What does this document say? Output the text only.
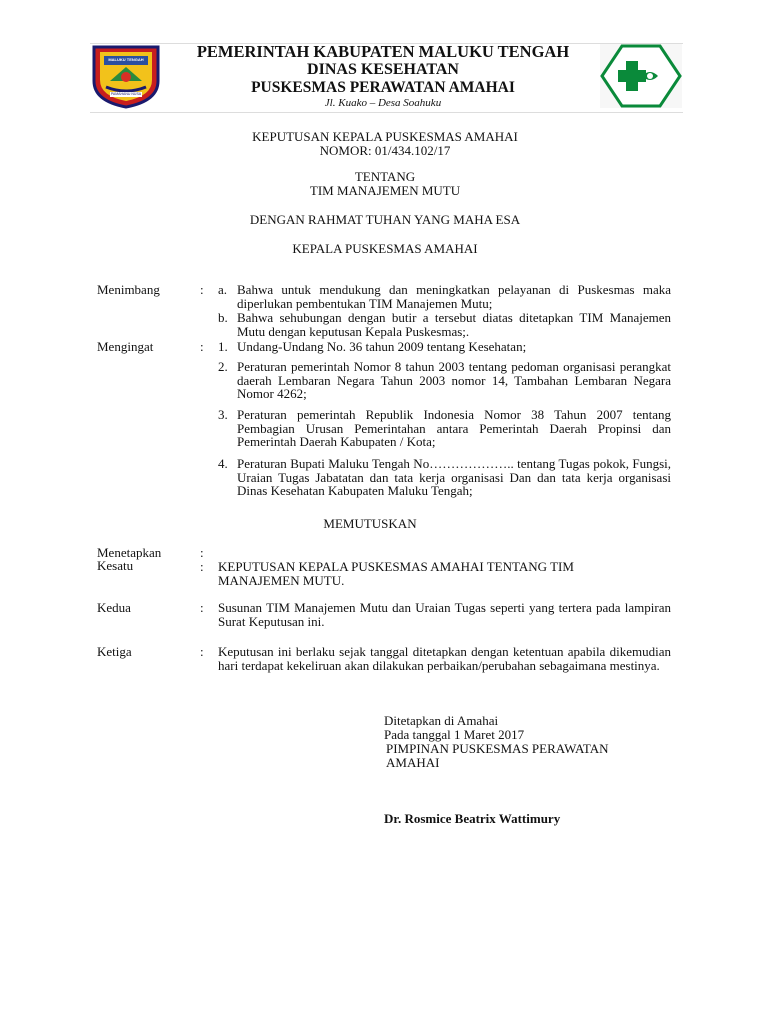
MALUKU TENGAH
PAMAHANU NUSA
PEMERINTAH KABUPATEN MALUKU TENGAH
DINAS KESEHATAN
PUSKESMAS PERAWATAN AMAHAI
Jl. Kuako – Desa Soahuku
KEPUTUSAN KEPALA PUSKESMAS AMAHAI
NOMOR: 01/434.102/17
TENTANG
TIM MANAJEMEN MUTU
DENGAN RAHMAT TUHAN YANG MAHA ESA
KEPALA PUSKESMAS AMAHAI
Menimbang	: a. Bahwa untuk mendukung dan meningkatkan pelayanan di Puskesmas maka diperlukan pembentukan TIM Manajemen Mutu;
b. Bahwa sehubungan dengan butir a tersebut diatas ditetapkan TIM Manajemen Mutu dengan keputusan Kepala Puskesmas;.
Mengingat	: 1. Undang-Undang No. 36 tahun 2009 tentang Kesehatan;
2. Peraturan pemerintah Nomor 8 tahun 2003 tentang pedoman organisasi perangkat daerah Lembaran Negara Tahun 2003 nomor 14, Tambahan Lembaran Negara Nomor 4262;
3. Peraturan pemerintah Republik Indonesia Nomor 38 Tahun 2007 tentang Pembagian Urusan Pemerintahan antara Pemerintah Daerah Propinsi dan Pemerintah Daerah Kabupaten / Kota;
4. Peraturan Bupati Maluku Tengah No……………….. tentang Tugas pokok, Fungsi, Uraian Tugas Jabatatan dan tata kerja organisasi Dan dan tata kerja organisasi Dinas Kesehatan Kabupaten Maluku Tengah;
MEMUTUSKAN
Menetapkan	:
Kesatu	: KEPUTUSAN KEPALA PUSKESMAS AMAHAI TENTANG TIM MANAJEMEN MUTU.
Kedua	: Susunan TIM Manajemen Mutu dan Uraian Tugas seperti yang tertera pada lampiran Surat Keputusan ini.
Ketiga	: Keputusan ini berlaku sejak tanggal ditetapkan dengan ketentuan apabila dikemudian hari terdapat kekeliruan akan dilakukan perbaikan/perubahan sebagaimana mestinya.
Ditetapkan di Amahai
Pada tanggal 1 Maret 2017
PIMPINAN PUSKESMAS PERAWATAN
AMAHAI
Dr. Rosmice Beatrix Wattimury
